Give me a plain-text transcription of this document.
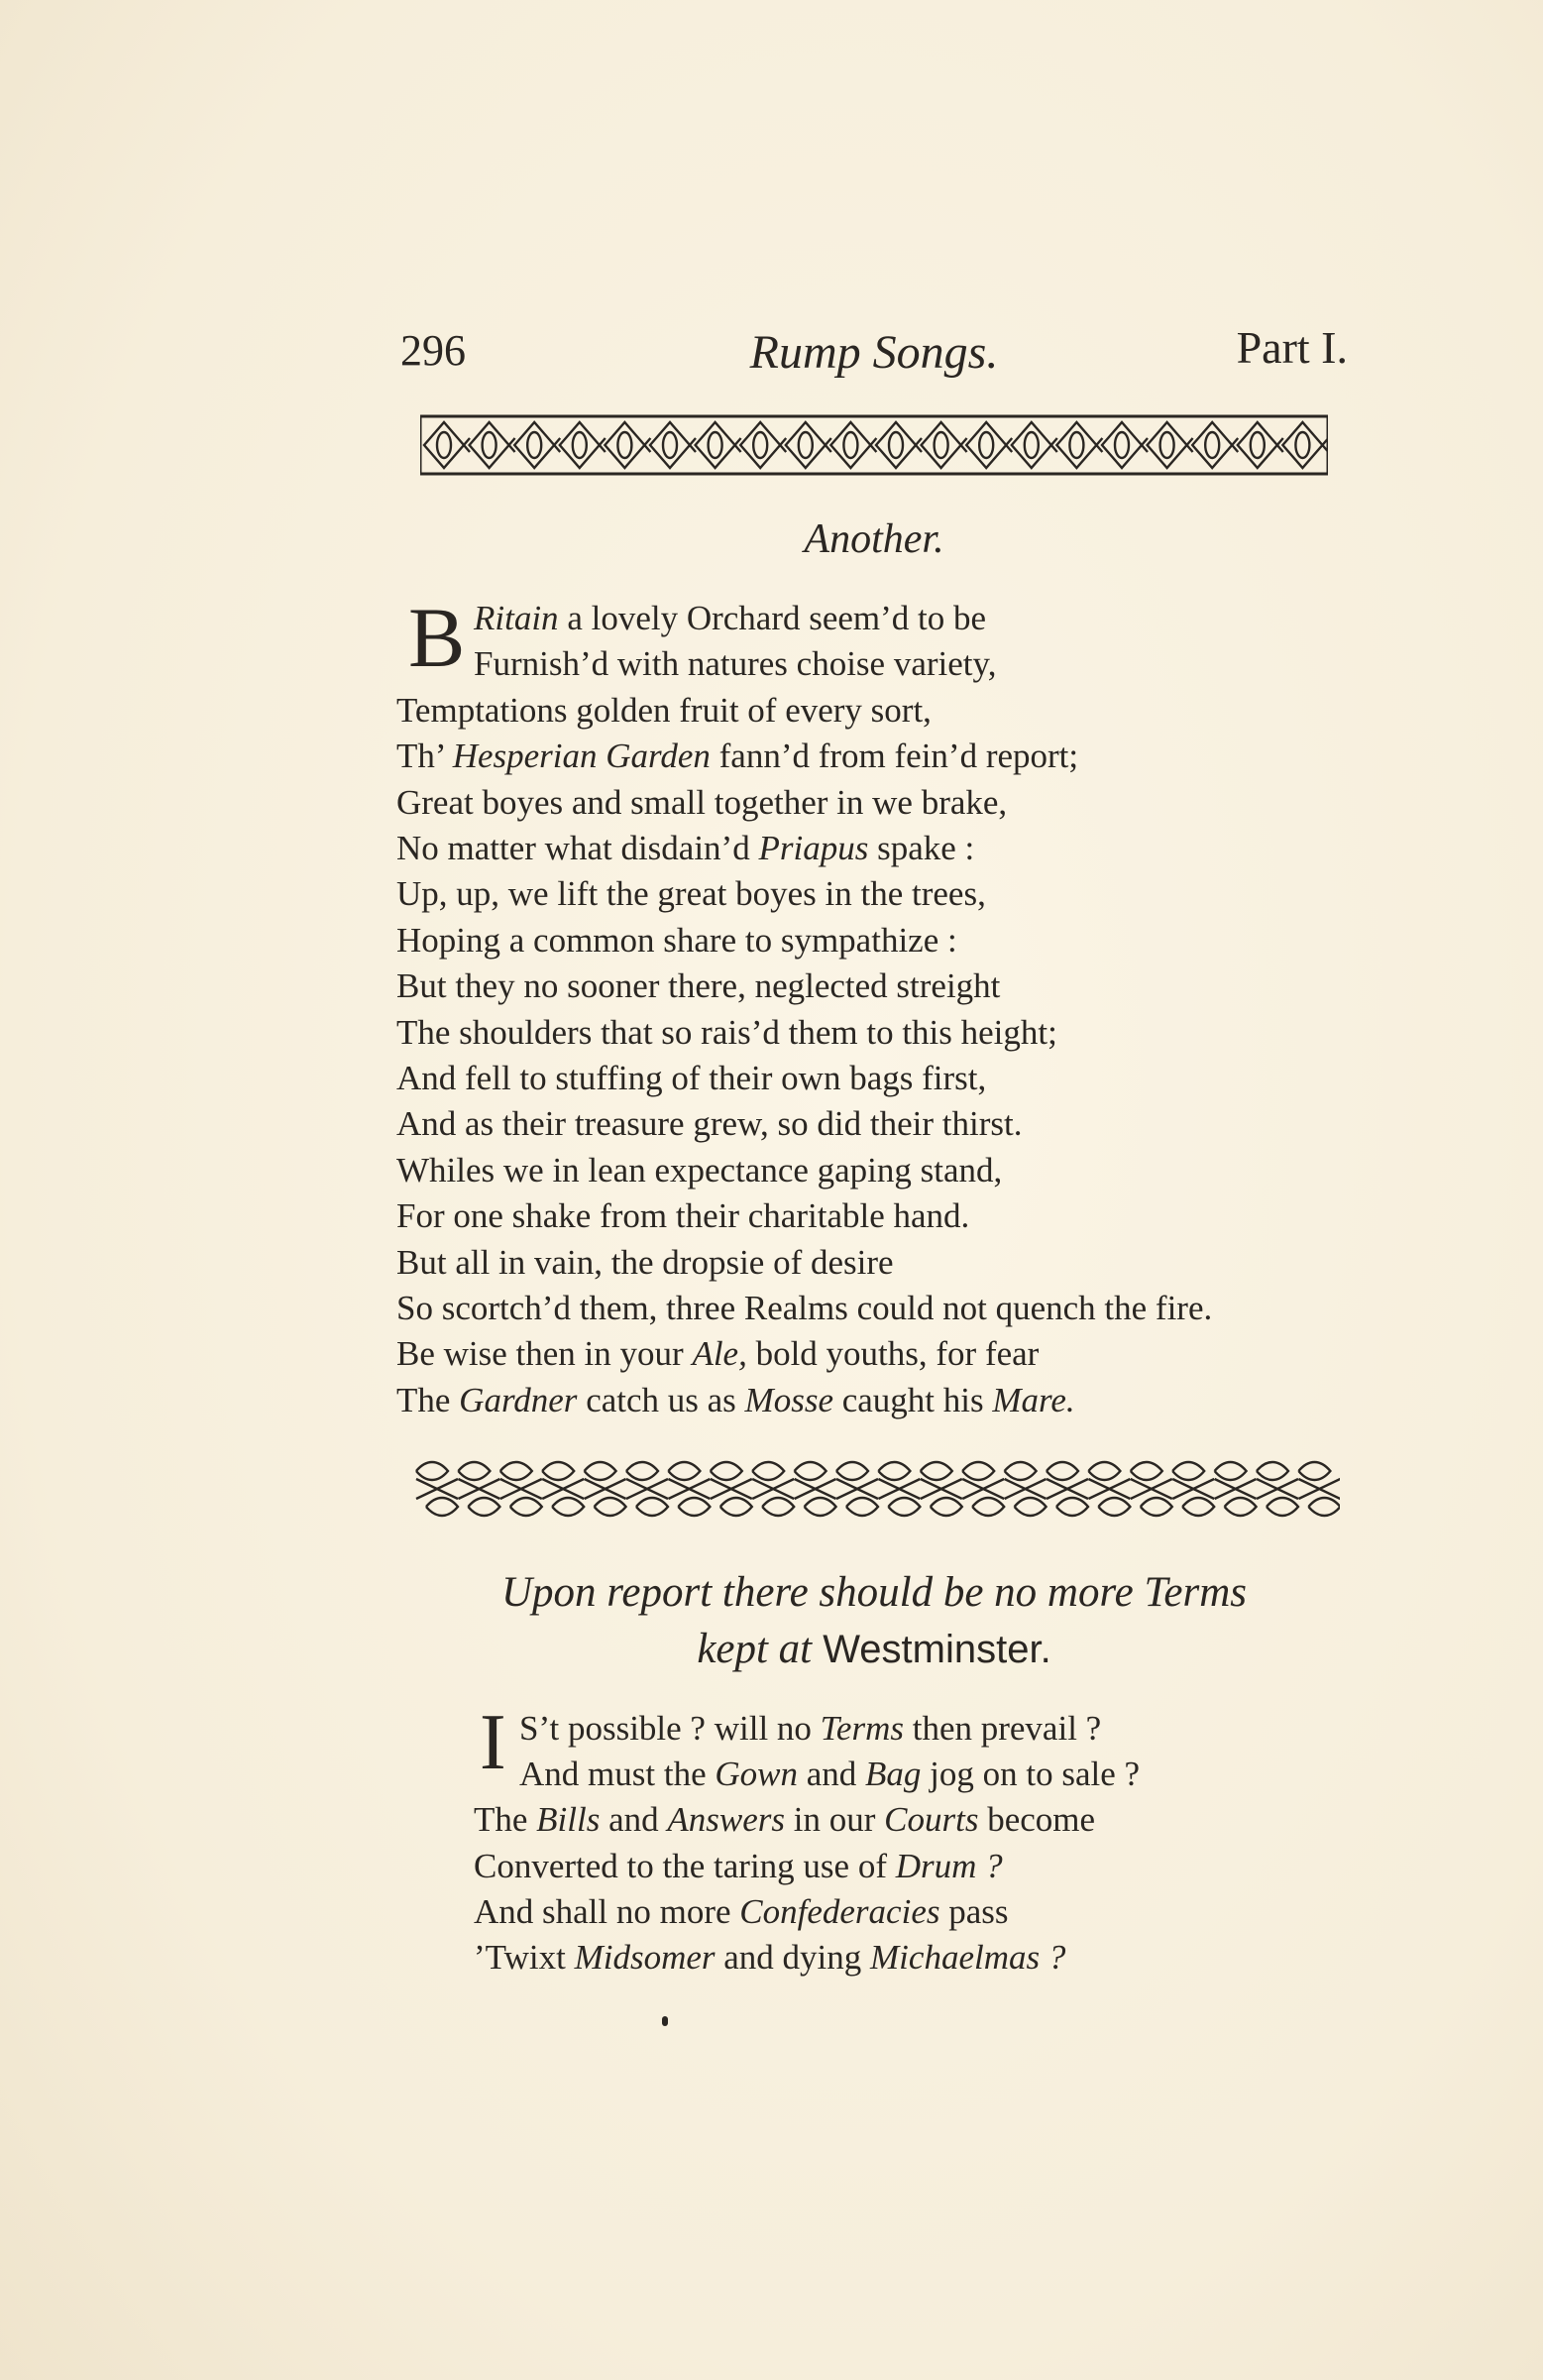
296	Rump Songs.	Part I.
Another.
B Ritain a lovely Orchard seem’d to be
Furnish’d with natures choise variety,
Temptations golden fruit of every sort,
Th’ Hesperian Garden fann’d from fein’d report;
Great boyes and small together in we brake,
No matter what disdain’d Priapus spake :
Up, up, we lift the great boyes in the trees,
Hoping a common share to sympathize :
But they no sooner there, neglected streight
The shoulders that so rais’d them to this height;
And fell to stuffing of their own bags first,
And as their treasure grew, so did their thirst.
Whiles we in lean expectance gaping stand,
For one shake from their charitable hand.
But all in vain, the dropsie of desire
So scortch’d them, three Realms could not quench the fire.
Be wise then in your Ale, bold youths, for fear
The Gardner catch us as Mosse caught his Mare.
Upon report there should be no more Terms
kept at Westminster.
I S’t possible ? will no Terms then prevail ?
And must the Gown and Bag jog on to sale ?
The Bills and Answers in our Courts become
Converted to the taring use of Drum ?
And shall no more Confederacies pass
’Twixt Midsomer and dying Michaelmas ?
